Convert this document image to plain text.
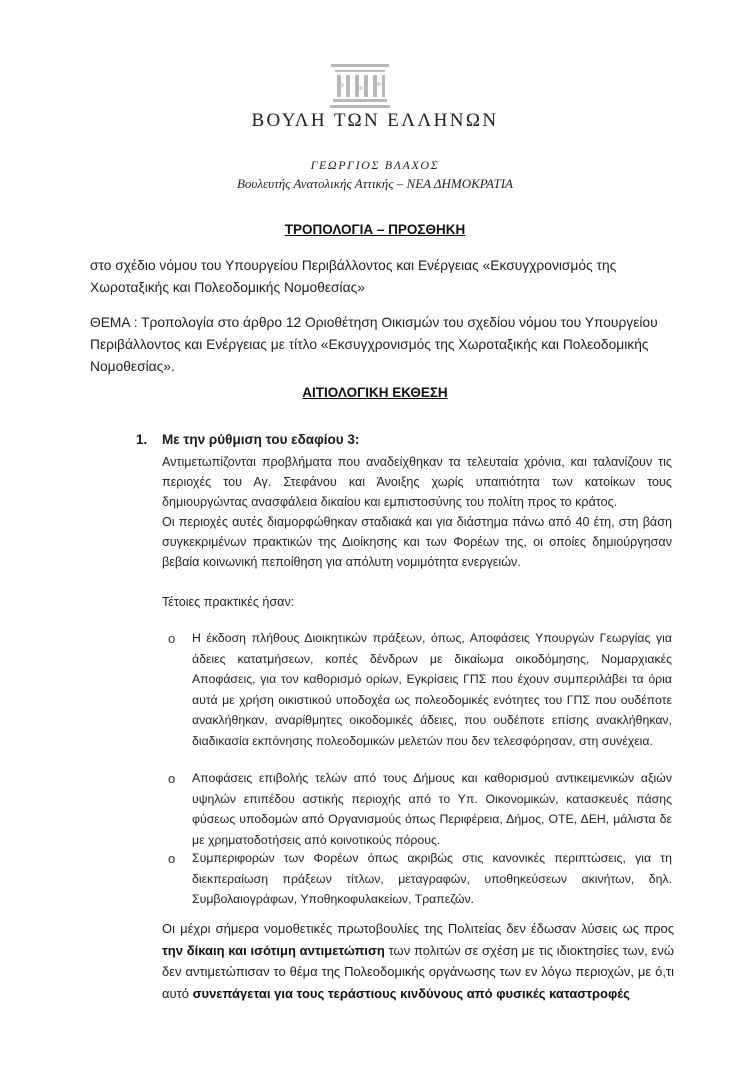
ΒΟΥΛΗ ΤΩΝ ΕΛΛΗΝΩΝ
ΓΕΩΡΓΙΟΣ ΒΛΑΧΟΣ
Βουλευτής Ανατολικής Αττικής – ΝΕΑ ΔΗΜΟΚΡΑΤΙΑ
ΤΡΟΠΟΛΟΓΙΑ – ΠΡΟΣΘΗΚΗ
στο σχέδιο νόμου του Υπουργείου Περιβάλλοντος και Ενέργειας «Εκσυγχρονισμός της Χωροταξικής και Πολεοδομικής Νομοθεσίας»
ΘΕΜΑ : Τροπολογία στο άρθρο 12 Οριοθέτηση Οικισμών του σχεδίου νόμου του Υπουργείου Περιβάλλοντος και Ενέργειας με τίτλο «Εκσυγχρονισμός της Χωροταξικής και Πολεοδομικής Νομοθεσίας».
ΑΙΤΙΟΛΟΓΙΚΗ ΕΚΘΕΣΗ
1. Με την ρύθμιση του εδαφίου 3:
Αντιμετωπίζονται προβλήματα που αναδείχθηκαν τα τελευταία χρόνια, και ταλανίζουν τις περιοχές του Αγ. Στεφάνου και Άνοιξης χωρίς υπαιτιότητα των κατοίκων τους δημιουργώντας ανασφάλεια δικαίου και εμπιστοσύνης του πολίτη προς το κράτος.
Οι περιοχές αυτές διαμορφώθηκαν σταδιακά και για διάστημα πάνω από 40 έτη, στη βάση συγκεκριμένων πρακτικών της Διοίκησης και των Φορέων της, οι οποίες δημιούργησαν βεβαία κοινωνική πεποίθηση για απόλυτη νομιμότητα ενεργειών.
Τέτοιες πρακτικές ήσαν:
o Η έκδοση πλήθους Διοικητικών πράξεων, όπως, Αποφάσεις Υπουργών Γεωργίας για άδειες κατατμήσεων, κοπές δένδρων με δικαίωμα οικοδόμησης, Νομαρχιακές Αποφάσεις, για τον καθορισμό ορίων, Εγκρίσεις ΓΠΣ που έχουν συμπεριλάβει τα όρια αυτά με χρήση οικιστικού υποδοχέα ως πολεοδομικές ενότητες του ΓΠΣ που ουδέποτε ανακλήθηκαν, αναρίθμητες οικοδομικές άδειες, που ουδέποτε επίσης ανακλήθηκαν, διαδικασία εκπόνησης πολεοδομικών μελετών που δεν τελεσφόρησαν, στη συνέχεια.
o Αποφάσεις επιβολής τελών από τους Δήμους και καθορισμού αντικειμενικών αξιών υψηλών επιπέδου αστικής περιοχής από το Υπ. Οικονομικών, κατασκευές πάσης φύσεως υποδομών από Οργανισμούς όπως Περιφέρεια, Δήμος, ΟΤΕ, ΔΕΗ, μάλιστα δε με χρηματοδοτήσεις από κοινοτικούς πόρους.
o Συμπεριφορών των Φορέων όπως ακριβώς στις κανονικές περιπτώσεις, για τη διεκπεραίωση πράξεων τίτλων, μεταγραφών, υποθηκεύσεων ακινήτων, δηλ. Συμβολαιογράφων, Υποθηκοφυλακείων, Τραπεζών.
Οι μέχρι σήμερα νομοθετικές πρωτοβουλίες της Πολιτείας δεν έδωσαν λύσεις ως προς την δίκαιη και ισότιμη αντιμετώπιση των πολιτών σε σχέση με τις ιδιοκτησίες των, ενώ δεν αντιμετώπισαν το θέμα της Πολεοδομικής οργάνωσης των εν λόγω περιοχών, με ό,τι αυτό συνεπάγεται για τους τεράστιους κινδύνους από φυσικές καταστροφές
